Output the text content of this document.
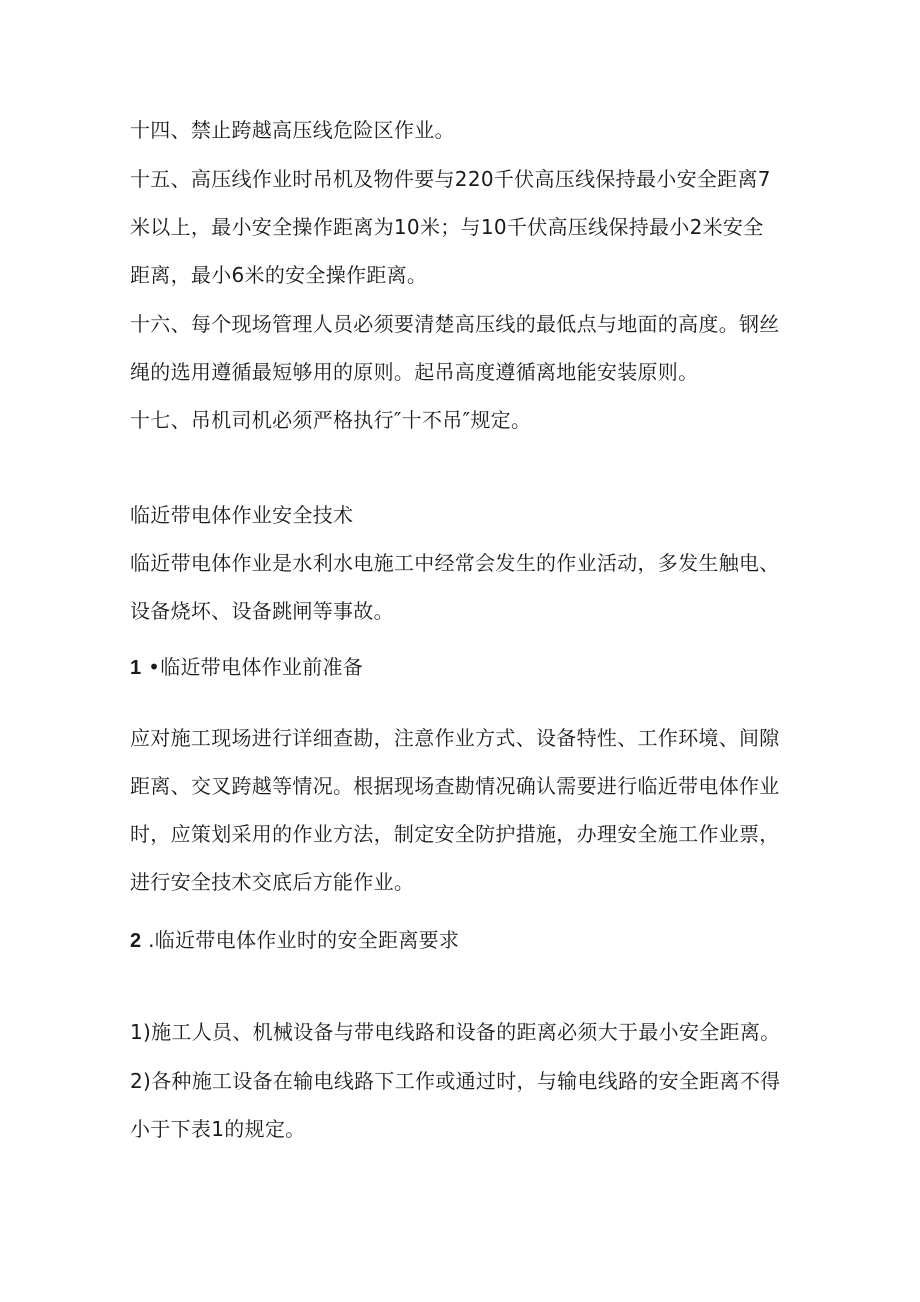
十四、禁止跨越高压线危险区作业。
十五、高压线作业时吊机及物件要与220千伏高压线保持最小安全距离7
米以上，最小安全操作距离为10米；与10千伏高压线保持最小2米安全
距离，最小6米的安全操作距离。
十六、每个现场管理人员必须要清楚高压线的最低点与地面的高度。钢丝
绳的选用遵循最短够用的原则。起吊高度遵循离地能安装原则。
十七、吊机司机必须严格执行″十不吊″规定。
临近带电体作业安全技术
临近带电体作业是水利水电施工中经常会发生的作业活动，多发生触电、
设备烧坏、设备跳闸等事故。
1 •临近带电体作业前准备
应对施工现场进行详细查勘，注意作业方式、设备特性、工作环境、间隙
距离、交叉跨越等情况。根据现场查勘情况确认需要进行临近带电体作业
时，应策划采用的作业方法，制定安全防护措施，办理安全施工作业票，
进行安全技术交底后方能作业。
2 .临近带电体作业时的安全距离要求
1)施工人员、机械设备与带电线路和设备的距离必须大于最小安全距离。
2)各种施工设备在输电线路下工作或通过时，与输电线路的安全距离不得
小于下表1的规定。
